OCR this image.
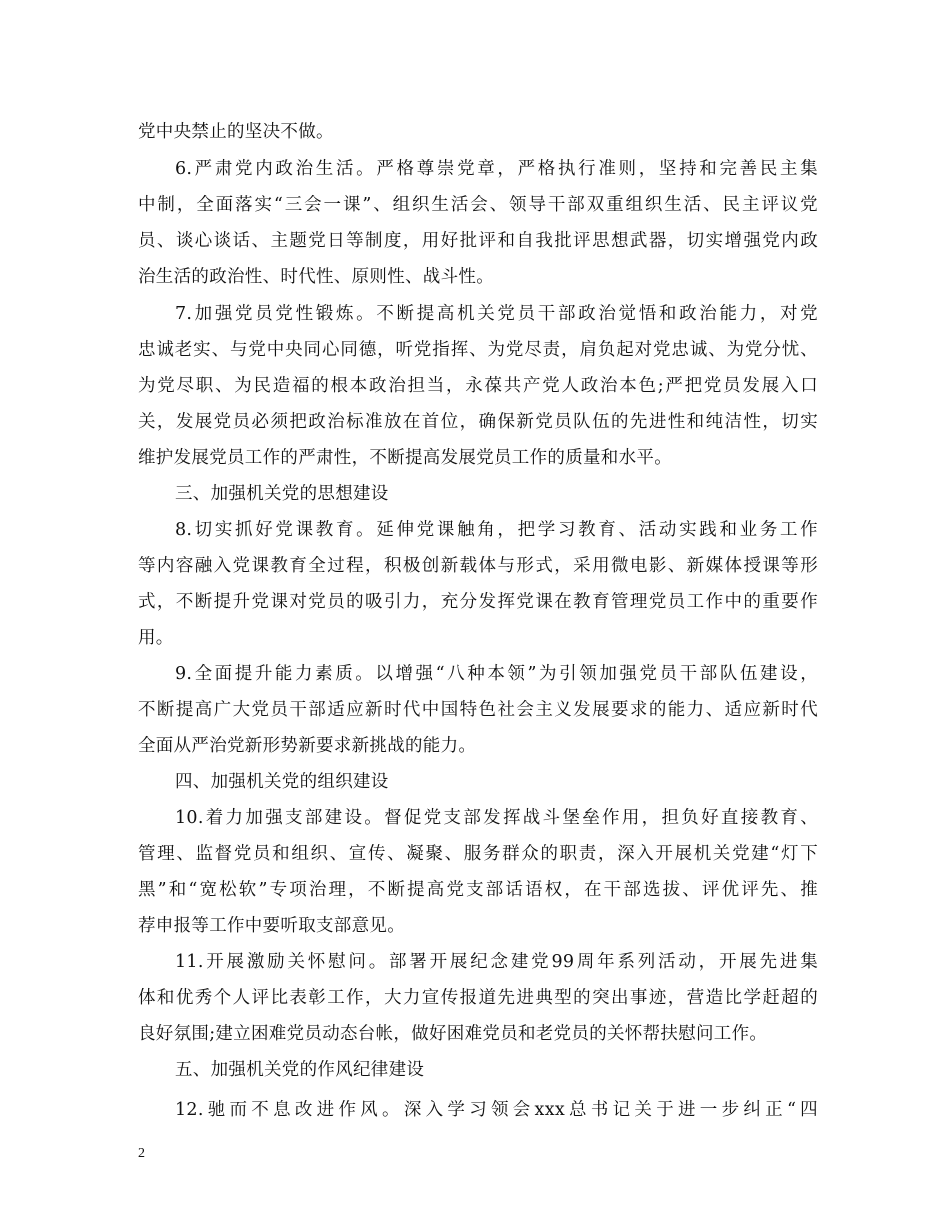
党中央禁止的坚决不做。
6.严肃党内政治生活。严格尊崇党章，严格执行准则，坚持和完善民主集
中制，全面落实“三会一课”、组织生活会、领导干部双重组织生活、民主评议党
员、谈心谈话、主题党日等制度，用好批评和自我批评思想武器，切实增强党内政
治生活的政治性、时代性、原则性、战斗性。
7.加强党员党性锻炼。不断提高机关党员干部政治觉悟和政治能力，对党
忠诚老实、与党中央同心同德，听党指挥、为党尽责，肩负起对党忠诚、为党分忧、
为党尽职、为民造福的根本政治担当，永葆共产党人政治本色;严把党员发展入口
关，发展党员必须把政治标准放在首位，确保新党员队伍的先进性和纯洁性，切实
维护发展党员工作的严肃性，不断提高发展党员工作的质量和水平。
三、加强机关党的思想建设
8.切实抓好党课教育。延伸党课触角，把学习教育、活动实践和业务工作
等内容融入党课教育全过程，积极创新载体与形式，采用微电影、新媒体授课等形
式，不断提升党课对党员的吸引力，充分发挥党课在教育管理党员工作中的重要作
用。
9.全面提升能力素质。以增强“八种本领”为引领加强党员干部队伍建设，
不断提高广大党员干部适应新时代中国特色社会主义发展要求的能力、适应新时代
全面从严治党新形势新要求新挑战的能力。
四、加强机关党的组织建设
10.着力加强支部建设。督促党支部发挥战斗堡垒作用，担负好直接教育、
管理、监督党员和组织、宣传、凝聚、服务群众的职责，深入开展机关党建“灯下
黑”和“宽松软”专项治理，不断提高党支部话语权，在干部选拔、评优评先、推
荐申报等工作中要听取支部意见。
11.开展激励关怀慰问。部署开展纪念建党99周年系列活动，开展先进集
体和优秀个人评比表彰工作，大力宣传报道先进典型的突出事迹，营造比学赶超的
良好氛围;建立困难党员动态台帐，做好困难党员和老党员的关怀帮扶慰问工作。
五、加强机关党的作风纪律建设
12.驰而不息改进作风。深入学习领会xxx总书记关于进一步纠正“四
2
